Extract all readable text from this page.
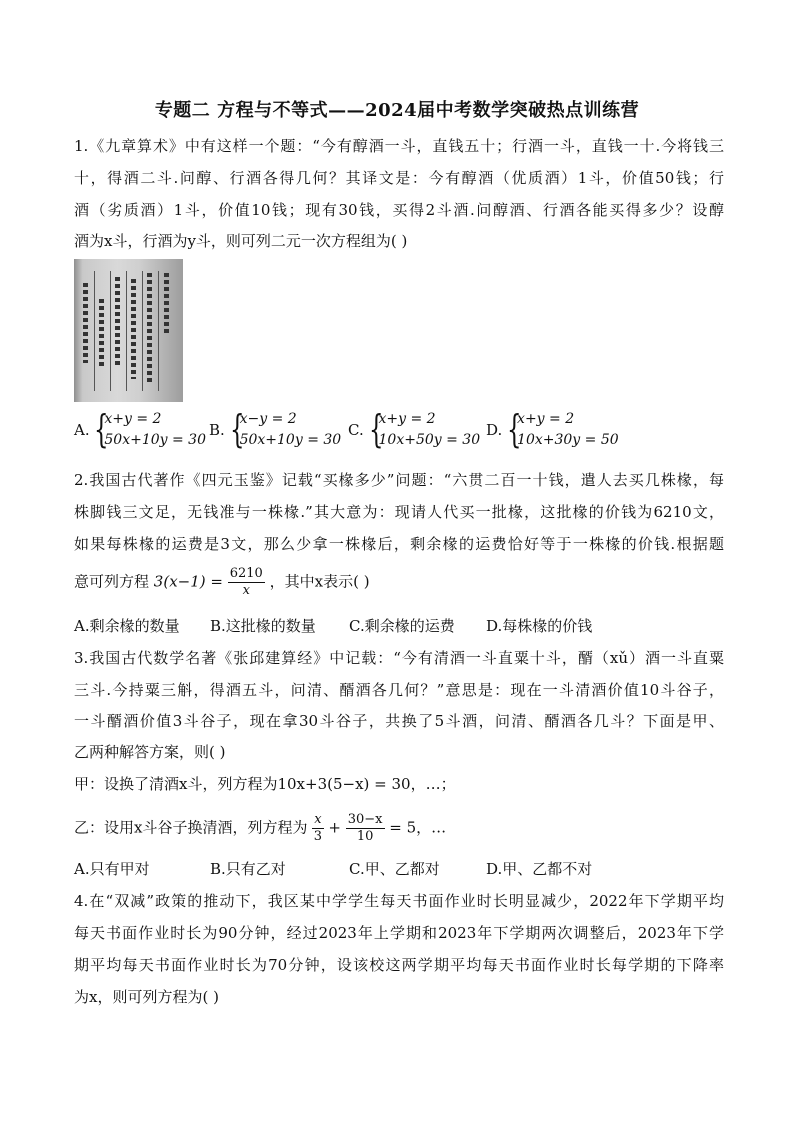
专题二 方程与不等式——2024届中考数学突破热点训练营
1.《九章算术》中有这样一个题：“今有醇酒一斗，直钱五十；行酒一斗，直钱一十.今将钱三
十，得酒二斗.问醇、行酒各得几何？其译文是：今有醇酒（优质酒）1斗，价值50钱；行
酒（劣质酒）1斗，价值10钱；现有30钱，买得2斗酒.问醇酒、行酒各能买得多少？设醇
酒为x斗，行酒为y斗，则可列二元一次方程组为( )
A. {
x+y = 2
50x+10y = 30
B. {
x−y = 2
50x+10y = 30
C. {
x+y = 2
10x+50y = 30
D. {
x+y = 2
10x+30y = 50
2.我国古代著作《四元玉鉴》记载“买椽多少”问题：“六贯二百一十钱，遣人去买几株椽，每
株脚钱三文足，无钱准与一株椽.”其大意为：现请人代买一批椽，这批椽的价钱为6210文，
如果每株椽的运费是3文，那么少拿一株椽后，剩余椽的运费恰好等于一株椽的价钱.根据题
意可列方程 $3(x-1) = \frac{6210}{x}$ ，其中x表示( )
A.剩余椽的数量 B.这批椽的数量 C.剩余椽的运费 D.每株椽的价钱
3.我国古代数学名著《张邱建算经》中记载：“今有清酒一斗直粟十斗，醑（xǔ）酒一斗直粟
三斗.今持粟三斛，得酒五斗，问清、醑酒各几何？”意思是：现在一斗清酒价值10斗谷子，
一斗醑酒价值3斗谷子，现在拿30斗谷子，共换了5斗酒，问清、醑酒各几斗？下面是甲、
乙两种解答方案，则( )
甲：设换了清酒x斗，列方程为10x+3(5−x) = 30，…；
乙：设用x斗谷子换清酒，列方程为 $\frac{x}{3} + \frac{30-x}{10} = 5$，…
A.只有甲对	B.只有乙对	C.甲、乙都对	D.甲、乙都不对
4.在“双减”政策的推动下，我区某中学学生每天书面作业时长明显减少，2022年下学期平均
每天书面作业时长为90分钟，经过2023年上学期和2023年下学期两次调整后，2023年下学
期平均每天书面作业时长为70分钟，设该校这两学期平均每天书面作业时长每学期的下降率
为x，则可列方程为( )
